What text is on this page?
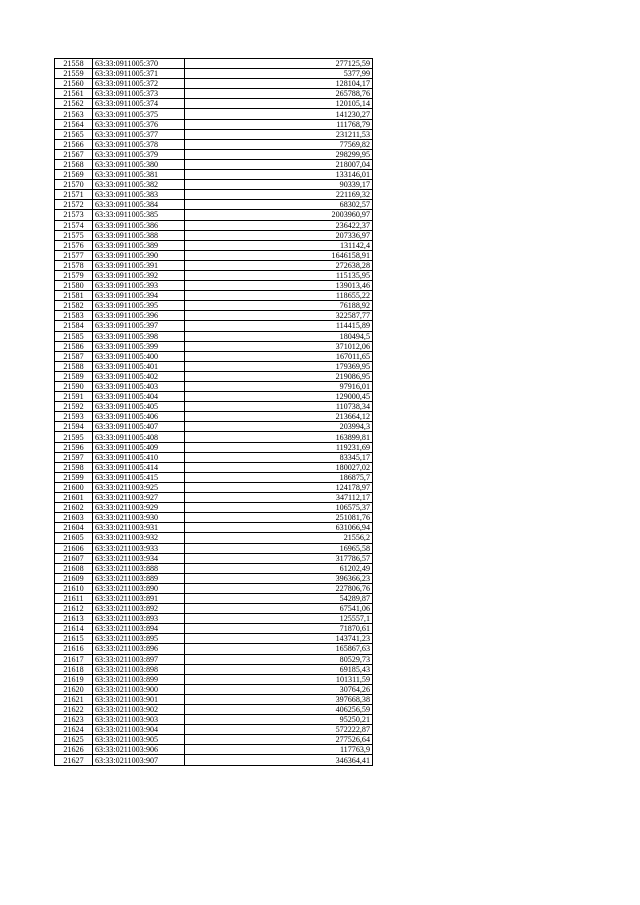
21558	63:33:0911005:370	277125,59
21559	63:33:0911005:371	5377,99
21560	63:33:0911005:372	128104,17
21561	63:33:0911005:373	265788,76
21562	63:33:0911005:374	120105,14
21563	63:33:0911005:375	141230,27
21564	63:33:0911005:376	111768,79
21565	63:33:0911005:377	231211,53
21566	63:33:0911005:378	77569,82
21567	63:33:0911005:379	298299,95
21568	63:33:0911005:380	218007,04
21569	63:33:0911005:381	133146,01
21570	63:33:0911005:382	90339,17
21571	63:33:0911005:383	221169,32
21572	63:33:0911005:384	68302,57
21573	63:33:0911005:385	2003960,97
21574	63:33:0911005:386	236422,37
21575	63:33:0911005:388	207336,97
21576	63:33:0911005:389	131142,4
21577	63:33:0911005:390	1646158,91
21578	63:33:0911005:391	272638,28
21579	63:33:0911005:392	115135,95
21580	63:33:0911005:393	139013,46
21581	63:33:0911005:394	118655,22
21582	63:33:0911005:395	76188,92
21583	63:33:0911005:396	322587,77
21584	63:33:0911005:397	114415,89
21585	63:33:0911005:398	180494,5
21586	63:33:0911005:399	371012,06
21587	63:33:0911005:400	167011,65
21588	63:33:0911005:401	179369,95
21589	63:33:0911005:402	219086,95
21590	63:33:0911005:403	97916,01
21591	63:33:0911005:404	129000,45
21592	63:33:0911005:405	110738,34
21593	63:33:0911005:406	213664,12
21594	63:33:0911005:407	203994,3
21595	63:33:0911005:408	163899,81
21596	63:33:0911005:409	119231,69
21597	63:33:0911005:410	83345,17
21598	63:33:0911005:414	180027,02
21599	63:33:0911005:415	186875,7
21600	63:33:0211003:925	124178,97
21601	63:33:0211003:927	347112,17
21602	63:33:0211003:929	106575,37
21603	63:33:0211003:930	251081,76
21604	63:33:0211003:931	631066,94
21605	63:33:0211003:932	21556,2
21606	63:33:0211003:933	16965,58
21607	63:33:0211003:934	317786,57
21608	63:33:0211003:888	61202,49
21609	63:33:0211003:889	396366,23
21610	63:33:0211003:890	227806,76
21611	63:33:0211003:891	54289,87
21612	63:33:0211003:892	67541,06
21613	63:33:0211003:893	125557,1
21614	63:33:0211003:894	71870,61
21615	63:33:0211003:895	143741,23
21616	63:33:0211003:896	165867,63
21617	63:33:0211003:897	80529,73
21618	63:33:0211003:898	69185,43
21619	63:33:0211003:899	101311,59
21620	63:33:0211003:900	30764,26
21621	63:33:0211003:901	397668,38
21622	63:33:0211003:902	406256,59
21623	63:33:0211003:903	95250,21
21624	63:33:0211003:904	572222,87
21625	63:33:0211003:905	277526,64
21626	63:33:0211003:906	117763,9
21627	63:33:0211003:907	346364,41
